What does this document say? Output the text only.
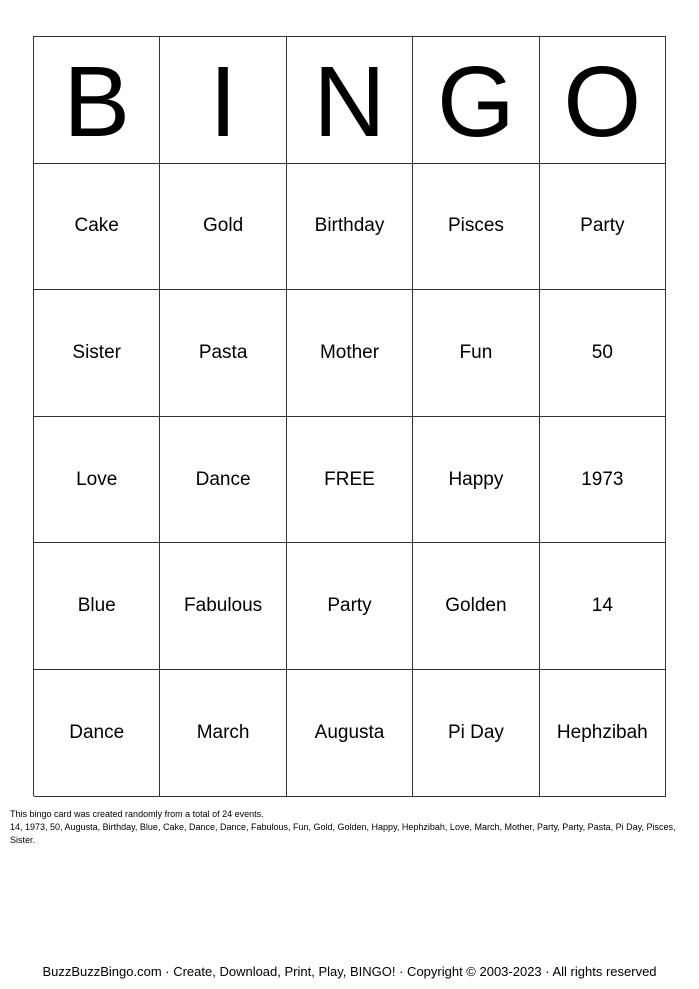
B I N G O
Cake	Gold	Birthday	Pisces	Party
Sister	Pasta	Mother	Fun	50
Love	Dance	FREE	Happy	1973
Blue	Fabulous	Party	Golden	14
Dance	March	Augusta	Pi Day	Hephzibah
This bingo card was created randomly from a total of 24 events.
14, 1973, 50, Augusta, Birthday, Blue, Cake, Dance, Dance, Fabulous, Fun, Gold, Golden, Happy, Hephzibah, Love, March, Mother, Party, Party, Pasta, Pi Day, Pisces, Sister.
BuzzBuzzBingo.com · Create, Download, Print, Play, BINGO! · Copyright © 2003-2023 · All rights reserved
